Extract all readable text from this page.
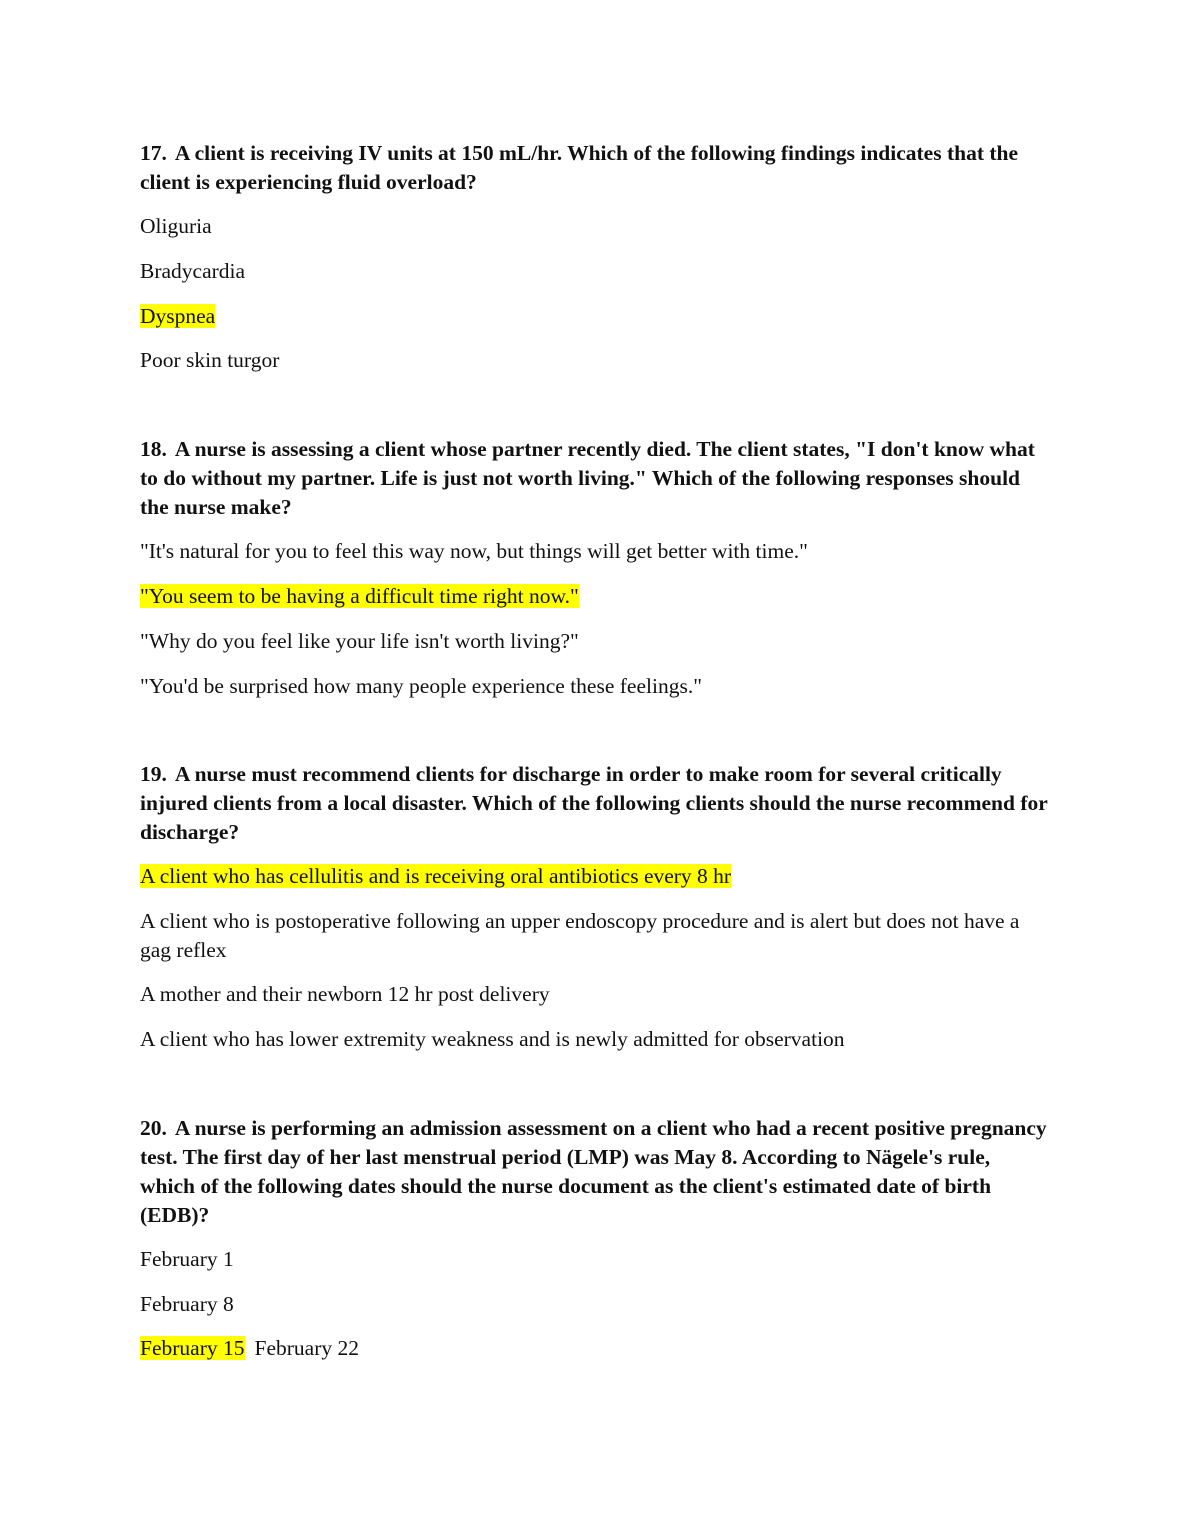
17. A client is receiving IV units at 150 mL/hr. Which of the following findings indicates that the client is experiencing fluid overload?

Oliguria

Bradycardia

Dyspnea

Poor skin turgor

18. A nurse is assessing a client whose partner recently died. The client states, "I don't know what to do without my partner. Life is just not worth living." Which of the following responses should the nurse make?

"It's natural for you to feel this way now, but things will get better with time."

"You seem to be having a difficult time right now."

"Why do you feel like your life isn't worth living?"

"You'd be surprised how many people experience these feelings."

19. A nurse must recommend clients for discharge in order to make room for several critically injured clients from a local disaster. Which of the following clients should the nurse recommend for discharge?

A client who has cellulitis and is receiving oral antibiotics every 8 hr

A client who is postoperative following an upper endoscopy procedure and is alert but does not have a gag reflex

A mother and their newborn 12 hr post delivery

A client who has lower extremity weakness and is newly admitted for observation

20. A nurse is performing an admission assessment on a client who had a recent positive pregnancy test. The first day of her last menstrual period (LMP) was May 8. According to Nägele's rule, which of the following dates should the nurse document as the client's estimated date of birth (EDB)?

February 1

February 8

February 15 February 22
